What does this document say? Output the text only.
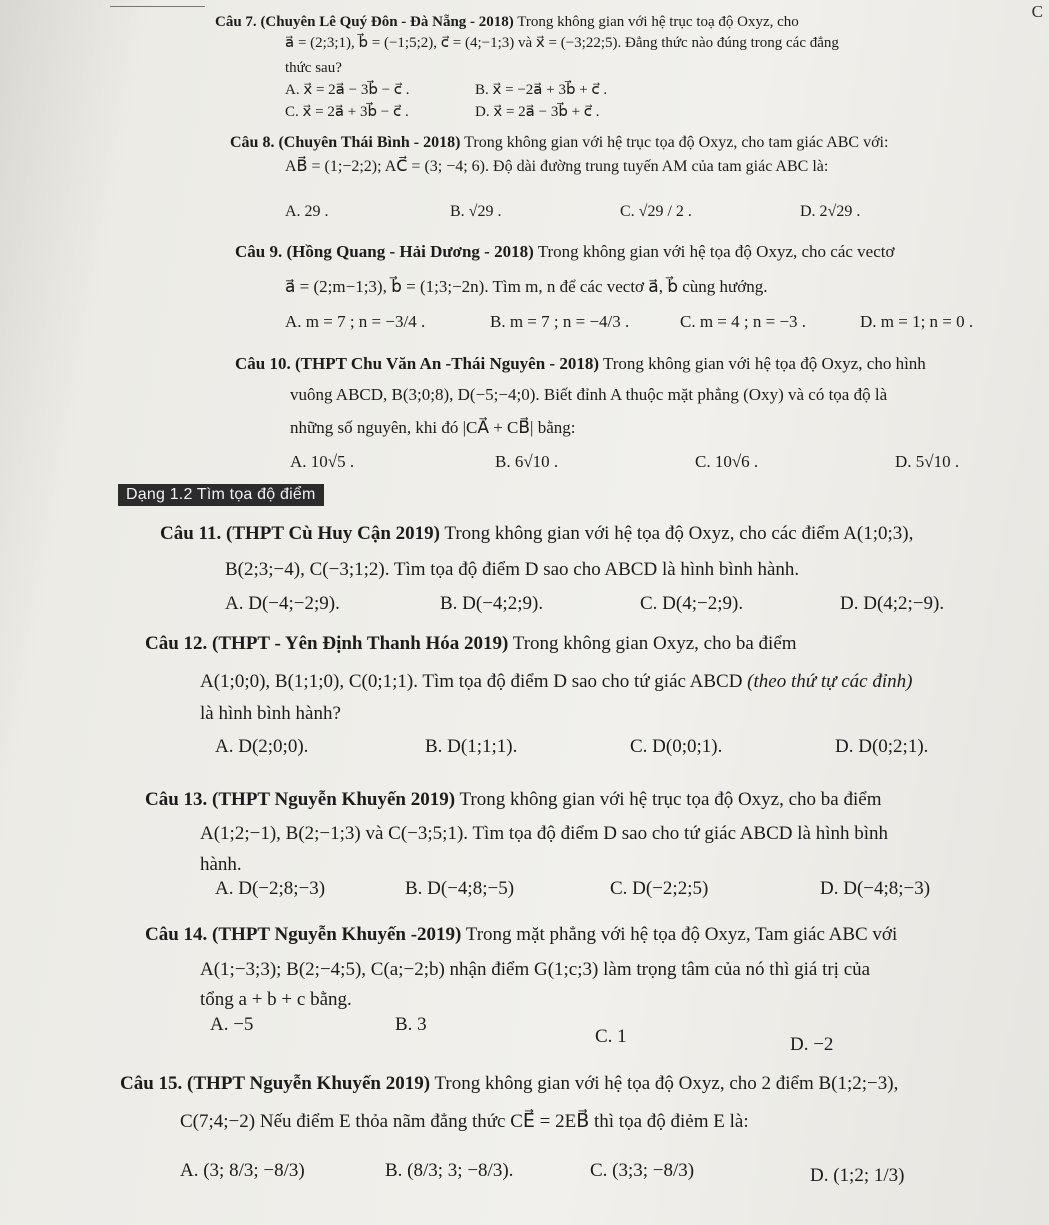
C
Câu 7. (Chuyên Lê Quý Đôn - Đà Nẵng - 2018) Trong không gian với hệ trục toạ độ Oxyz, cho
a⃗ = (2;3;1), b⃗ = (−1;5;2), c⃗ = (4;−1;3) và x⃗ = (−3;22;5). Đẳng thức nào đúng trong các đẳng
thức sau?
A. x⃗ = 2a⃗ − 3b⃗ − c⃗ .	B. x⃗ = −2a⃗ + 3b⃗ + c⃗ .
C. x⃗ = 2a⃗ + 3b⃗ − c⃗ .	D. x⃗ = 2a⃗ − 3b⃗ + c⃗ .
Câu 8. (Chuyên Thái Bình - 2018) Trong không gian với hệ trục tọa độ Oxyz, cho tam giác ABC với:
AB⃗ = (1;−2;2); AC⃗ = (3; −4; 6). Độ dài đường trung tuyến AM của tam giác ABC là:
A. 29 .	B. √29 .	C. √29 / 2 .	D. 2√29 .
Câu 9. (Hồng Quang - Hải Dương - 2018) Trong không gian với hệ tọa độ Oxyz, cho các vectơ
a⃗ = (2;m−1;3), b⃗ = (1;3;−2n). Tìm m, n để các vectơ a⃗, b⃗ cùng hướng.
A. m = 7 ; n = −3/4 .	B. m = 7 ; n = −4/3 .	C. m = 4 ; n = −3 .	D. m = 1; n = 0 .
Câu 10. (THPT Chu Văn An -Thái Nguyên - 2018) Trong không gian với hệ tọa độ Oxyz, cho hình
vuông ABCD, B(3;0;8), D(−5;−4;0). Biết đỉnh A thuộc mặt phẳng (Oxy) và có tọa độ là
những số nguyên, khi đó |CA⃗ + CB⃗| bằng:
A. 10√5 .	B. 6√10 .	C. 10√6 .	D. 5√10 .
Dạng 1.2 Tìm tọa độ điểm
Câu 11. (THPT Cù Huy Cận 2019) Trong không gian với hệ tọa độ Oxyz, cho các điểm A(1;0;3),
B(2;3;−4), C(−3;1;2). Tìm tọa độ điểm D sao cho ABCD là hình bình hành.
A. D(−4;−2;9).	B. D(−4;2;9).	C. D(4;−2;9).	D. D(4;2;−9).
Câu 12. (THPT - Yên Định Thanh Hóa 2019) Trong không gian Oxyz, cho ba điểm
A(1;0;0), B(1;1;0), C(0;1;1). Tìm tọa độ điểm D sao cho tứ giác ABCD (theo thứ tự các đỉnh)
là hình bình hành?
A. D(2;0;0).	B. D(1;1;1).	C. D(0;0;1).	D. D(0;2;1).
Câu 13. (THPT Nguyễn Khuyến 2019) Trong không gian với hệ trục tọa độ Oxyz, cho ba điểm
A(1;2;−1), B(2;−1;3) và C(−3;5;1). Tìm tọa độ điểm D sao cho tứ giác ABCD là hình bình
hành.
A. D(−2;8;−3)	B. D(−4;8;−5)	C. D(−2;2;5)	D. D(−4;8;−3)
Câu 14. (THPT Nguyễn Khuyến -2019) Trong mặt phẳng với hệ tọa độ Oxyz, Tam giác ABC với
A(1;−3;3); B(2;−4;5), C(a;−2;b) nhận điểm G(1;c;3) làm trọng tâm của nó thì giá trị của
tổng a + b + c bằng.
A. −5	B. 3
C. 1	D. −2
Câu 15. (THPT Nguyễn Khuyến 2019) Trong không gian với hệ tọa độ Oxyz, cho 2 điểm B(1;2;−3),
C(7;4;−2) Nếu điểm E thỏa nãm đẳng thức CE⃗ = 2EB⃗ thì tọa độ điẻm E là:
A. (3; 8/3; −8/3)	B. (8/3; 3; −8/3).	C. (3;3; −8/3)	D. (1;2; 1/3)
